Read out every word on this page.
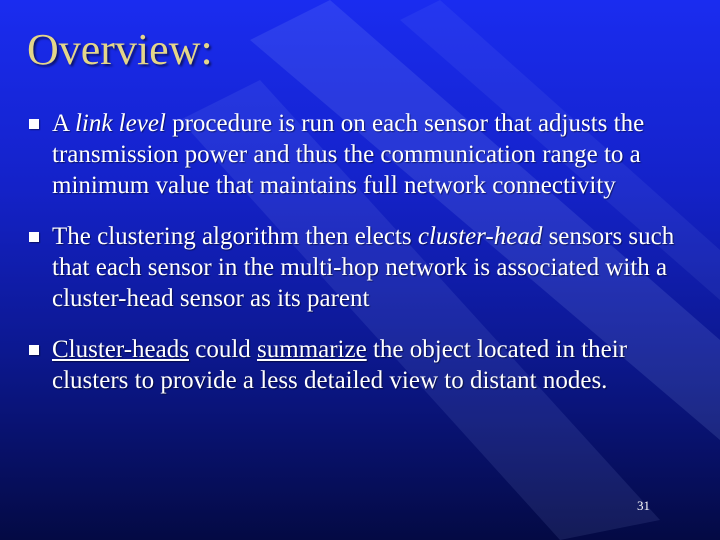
Overview:
A link level procedure is run on each sensor that adjusts the transmission power and thus the communication range to a minimum value that maintains full network connectivity
The clustering algorithm then elects cluster-head sensors such that each sensor in the multi-hop network is associated with a cluster-head sensor as its parent
Cluster-heads could summarize the object located in their clusters to provide a less detailed view to distant nodes.
31
